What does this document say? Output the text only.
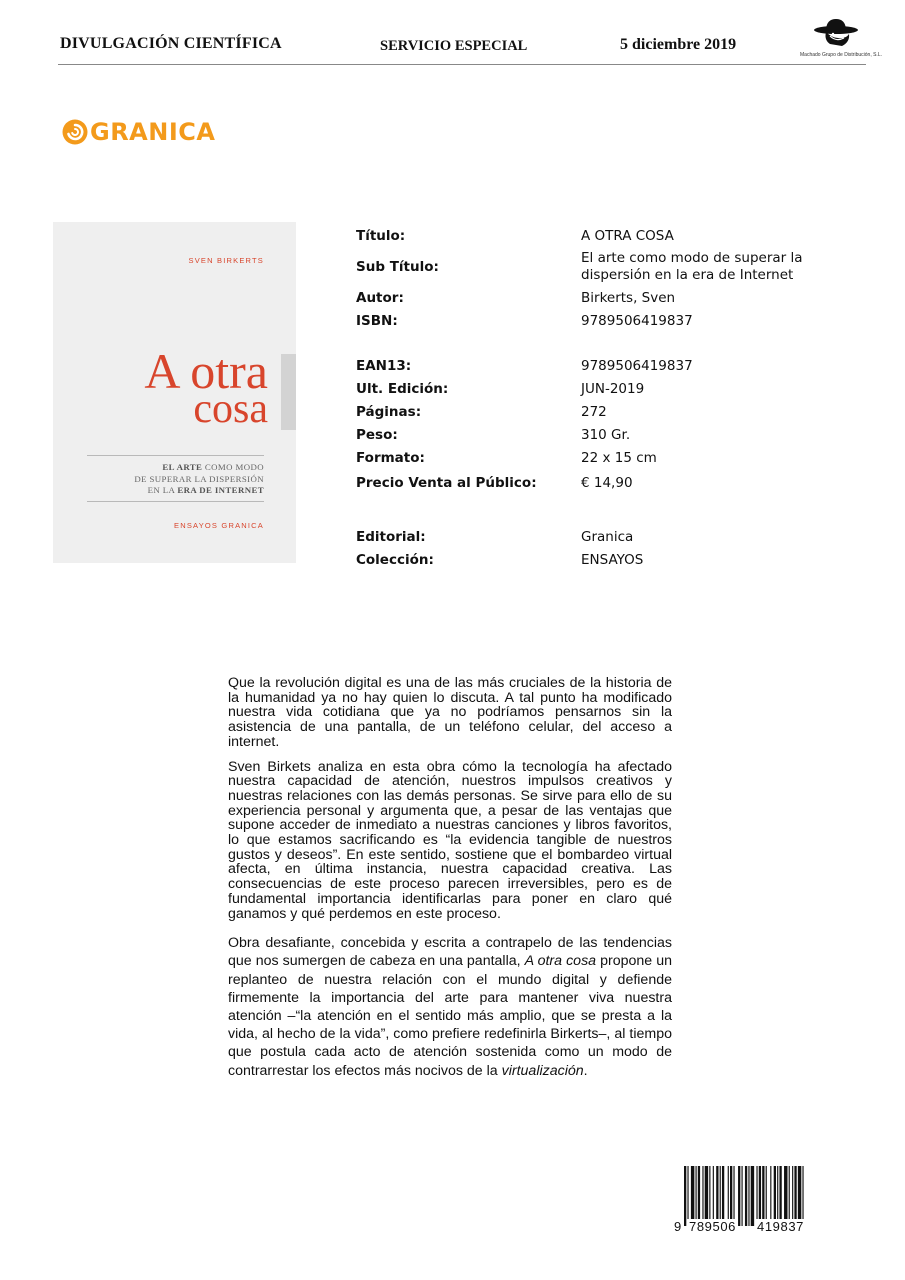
DIVULGACIÓN CIENTÍFICA	SERVICIO ESPECIAL	5 diciembre 2019
Machado Grupo de Distribución, S.L.
GRANICA
SVEN BIRKERTS
A otra
cosa
EL ARTE COMO MODO
DE SUPERAR LA DISPERSIÓN
EN LA ERA DE INTERNET
ENSAYOS GRANICA
Título:	A OTRA COSA
Sub Título:
El arte como modo de superar la dispersión en la era de Internet
Autor:	Birkerts, Sven
ISBN:	9789506419837
EAN13:	9789506419837
Ult. Edición:	JUN-2019
Páginas:	272
Peso:	310 Gr.
Formato:	22 x 15 cm
Precio Venta al Público:	€ 14,90
Editorial:	Granica
Colección:	ENSAYOS

Que la revolución digital es una de las más cruciales de la historia de la humanidad ya no hay quien lo discuta. A tal punto ha modificado nuestra vida cotidiana que ya no podríamos pensarnos sin la asistencia de una pantalla, de un teléfono celular, del acceso a internet.

Sven Birkets analiza en esta obra cómo la tecnología ha afectado nuestra capacidad de atención, nuestros impulsos creativos y nuestras relaciones con las demás personas. Se sirve para ello de su experiencia personal y argumenta que, a pesar de las ventajas que supone acceder de inmediato a nuestras canciones y libros favoritos, lo que estamos sacrificando es “la evidencia tangible de nuestros gustos y deseos”. En este sentido, sostiene que el bombardeo virtual afecta, en última instancia, nuestra capacidad creativa. Las consecuencias de este proceso parecen irreversibles, pero es de fundamental importancia identificarlas para poner en claro qué ganamos y qué perdemos en este proceso.

Obra desafiante, concebida y escrita a contrapelo de las tendencias que nos sumergen de cabeza en una pantalla, A otra cosa propone un replanteo de nuestra relación con el mundo digital y defiende firmemente la importancia del arte para mantener viva nuestra atención –“la atención en el sentido más amplio, que se presta a la vida, al hecho de la vida”, como prefiere redefinirla Birkerts–, al tiempo que postula cada acto de atención sostenida como un modo de contrarrestar los efectos más nocivos de la virtualización.

9 789506 419837
